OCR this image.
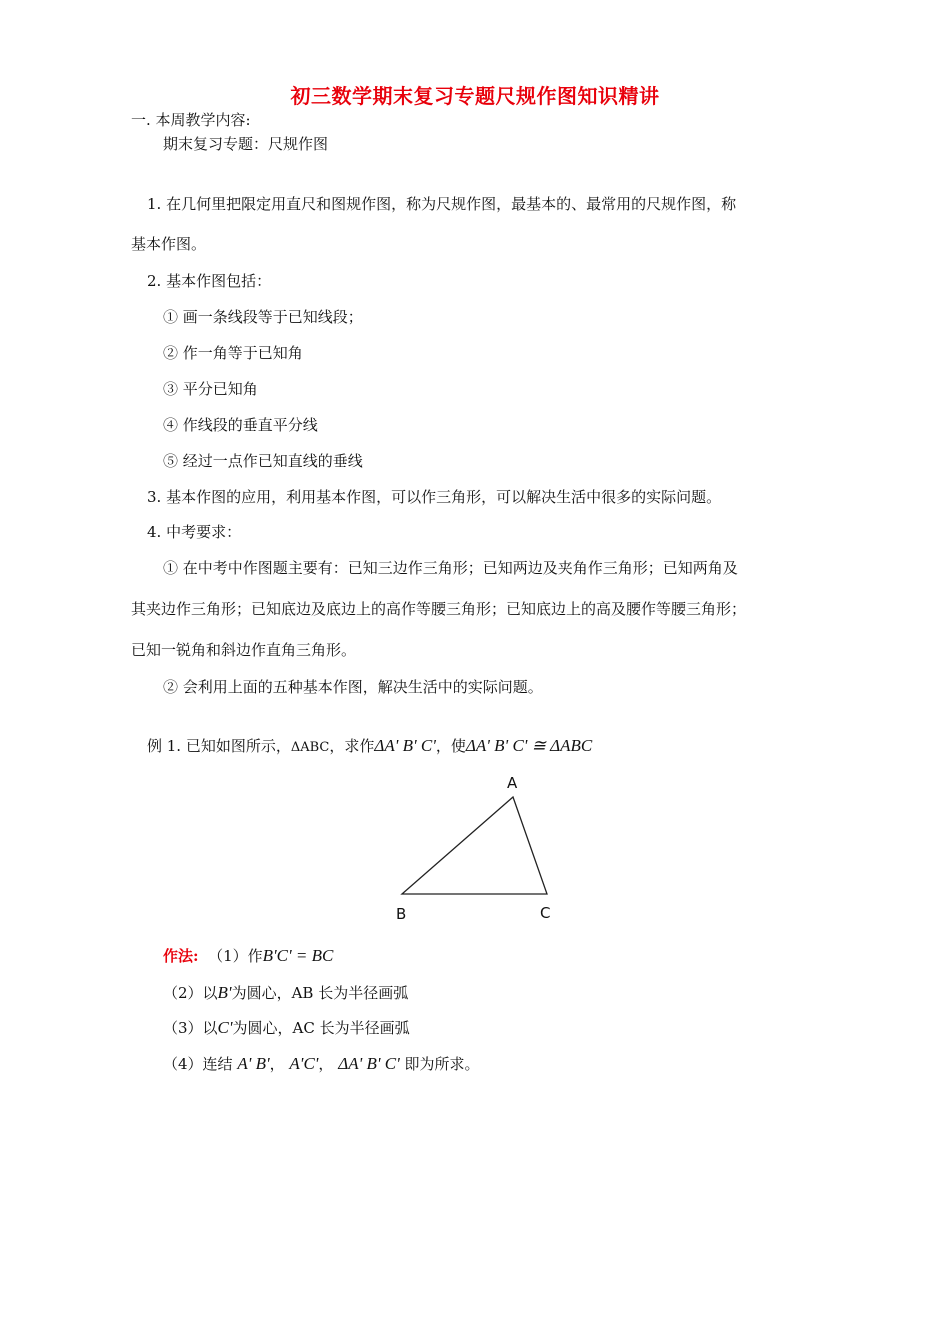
初三数学期末复习专题尺规作图知识精讲
一. 本周教学内容:
期末复习专题：尺规作图
1. 在几何里把限定用直尺和图规作图，称为尺规作图，最基本的、最常用的尺规作图，称
基本作图。
2. 基本作图包括：
① 画一条线段等于已知线段；
② 作一角等于已知角
③ 平分已知角
④ 作线段的垂直平分线
⑤ 经过一点作已知直线的垂线
3. 基本作图的应用，利用基本作图，可以作三角形，可以解决生活中很多的实际问题。
4. 中考要求：
① 在中考中作图题主要有：已知三边作三角形；已知两边及夹角作三角形；已知两角及
其夹边作三角形；已知底边及底边上的高作等腰三角形；已知底边上的高及腰作等腰三角形；
已知一锐角和斜边作直角三角形。
② 会利用上面的五种基本作图，解决生活中的实际问题。
例 1. 已知如图所示，ΔABC，求作ΔA' B' C'，使ΔA' B' C' ≅ ΔABC
A
B	C
作法: （1）作B'C' = BC
（2）以B'为圆心，AB 长为半径画弧
（3）以C'为圆心，AC 长为半径画弧
（4）连结 A' B'， A'C'， ΔA' B' C' 即为所求。
